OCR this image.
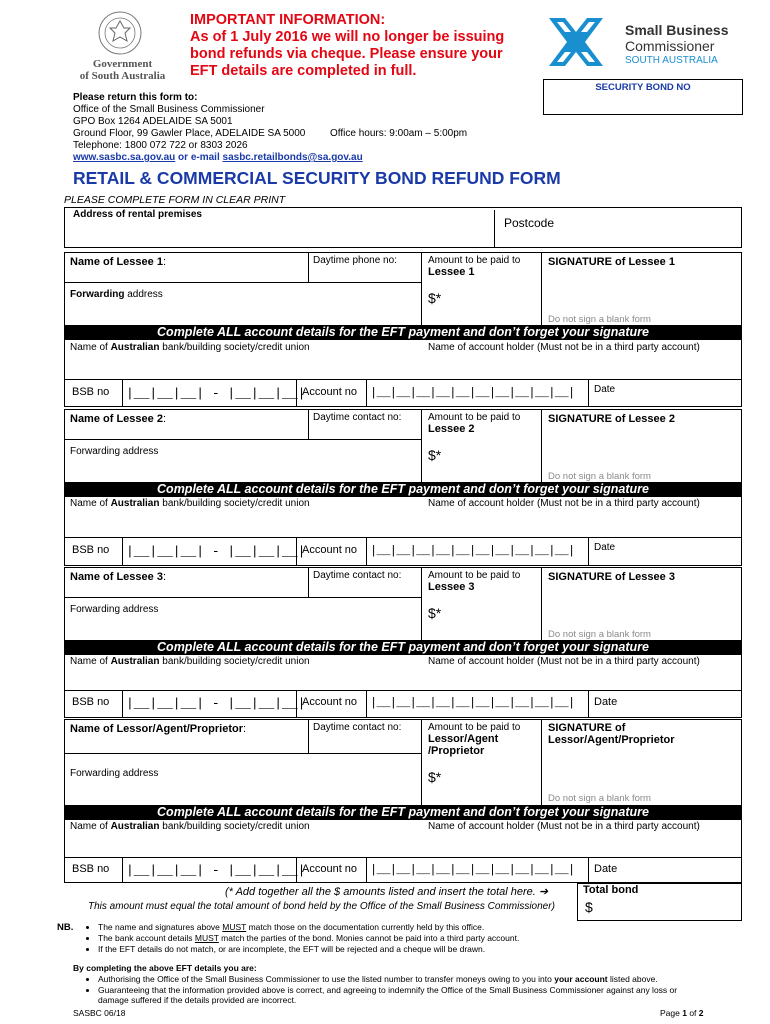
Government
of South Australia
IMPORTANT INFORMATION:
As of 1 July 2016 we will no longer be issuing
bond refunds via cheque. Please ensure your
EFT details are completed in full.
Small Business
Commissioner
SOUTH AUSTRALIA
SECURITY BOND NO
Please return this form to:
Office of the Small Business Commissioner
GPO Box 1264 ADELAIDE SA 5001
Ground Floor, 99 Gawler Place, ADELAIDE SA 5000 Office hours: 9:00am – 5:00pm
Telephone: 1800 072 722 or 8303 2026
www.sasbc.sa.gov.au or e-mail sasbc.retailbonds@sa.gov.au
RETAIL & COMMERCIAL SECURITY BOND REFUND FORM
PLEASE COMPLETE FORM IN CLEAR PRINT
Address of rental premises
Postcode
Name of Lessee 1:	Daytime phone no:	Amount to be paid to
Lessee 1
SIGNATURE of Lessee 1
Forwarding address	$*
Do not sign a blank form
Complete ALL account details for the EFT payment and don’t forget your signature
Name of Australian bank/building society/credit union	Name of account holder (Must not be in a third party account)
BSB no |__|__|__| - |__|__|__|
Account no |__|__|__|__|__|__|__|__|__|__| Date
Name of Lessee 2:	Daytime contact no:	Amount to be paid to
Lessee 2
SIGNATURE of Lessee 2
Forwarding address	$*
Do not sign a blank form
Complete ALL account details for the EFT payment and don’t forget your signature
Name of Australian bank/building society/credit union	Name of account holder (Must not be in a third party account)
BSB no |__|__|__| - |__|__|__|
Account no |__|__|__|__|__|__|__|__|__|__| Date
Name of Lessee 3:	Daytime contact no:	Amount to be paid to
Lessee 3
SIGNATURE of Lessee 3
Forwarding address	$*
Do not sign a blank form
Complete ALL account details for the EFT payment and don’t forget your signature
Name of Australian bank/building society/credit union	Name of account holder (Must not be in a third party account)
BSB no |__|__|__| - |__|__|__|
Account no |__|__|__|__|__|__|__|__|__|__| Date
Name of Lessor/Agent/Proprietor:	Daytime contact no:	Amount to be paid to
Lessor/Agent
/Proprietor
SIGNATURE of
Lessor/Agent/Proprietor
Forwarding address	$*
Do not sign a blank form
Complete ALL account details for the EFT payment and don’t forget your signature
Name of Australian bank/building society/credit union	Name of account holder (Must not be in a third party account)
BSB no |__|__|__| - |__|__|__|
Account no |__|__|__|__|__|__|__|__|__|__| Date
(* Add together all the $ amounts listed and insert the total here. ➔
This amount must equal the total amount of bond held by the Office of the Small Business Commissioner)
Total bond
$
NB.
•	The name and signatures above MUST match those on the documentation currently held by this office.
• The bank account details MUST match the parties of the bond. Monies cannot be paid into a third party account.
• If the EFT details do not match, or are incomplete, the EFT will be rejected and a cheque will be drawn.
By completing the above EFT details you are:
• Authorising the Office of the Small Business Commissioner to use the listed number to transfer moneys owing to you into your account listed above.
• Guaranteeing that the information provided above is correct, and agreeing to indemnify the Office of the Small Business Commissioner against any loss or damage suffered if the details provided are incorrect.
SASBC 06/18	Page 1 of 2
